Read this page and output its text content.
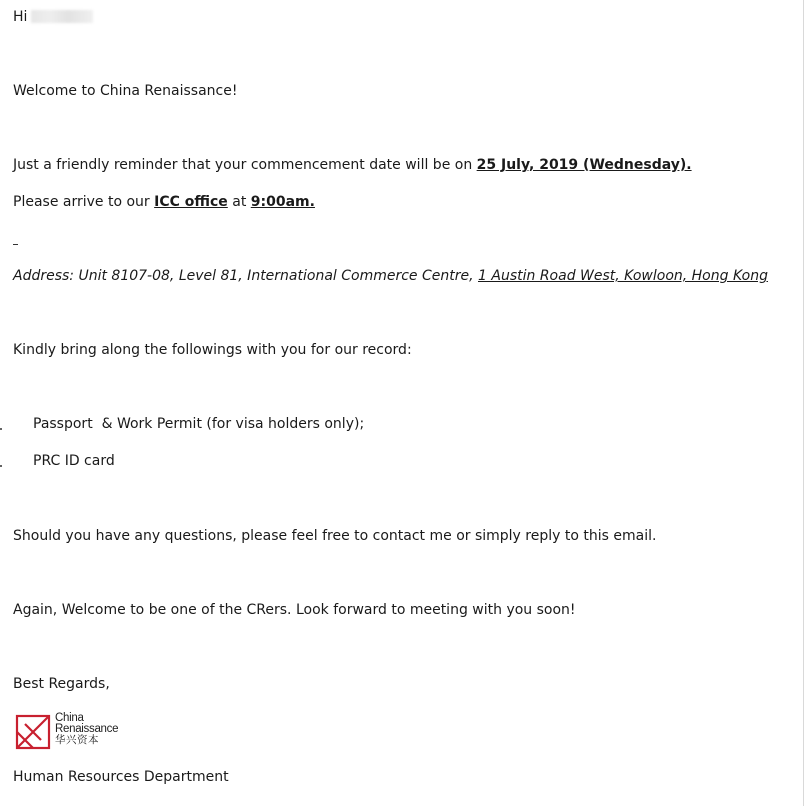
Hi
Welcome to China Renaissance!
Just a friendly reminder that your commencement date will be on 25 July, 2019 (Wednesday).
Please arrive to our ICC office at 9:00am.
Address: Unit 8107-08, Level 81, International Commerce Centre, 1 Austin Road West, Kowloon, Hong Kong
Kindly bring along the followings with you for our record:
Passport  & Work Permit (for visa holders only);
PRC ID card
Should you have any questions, please feel free to contact me or simply reply to this email.
Again, Welcome to be one of the CRers. Look forward to meeting with you soon!
Best Regards,
China
Renaissance
华兴资本
Human Resources Department
